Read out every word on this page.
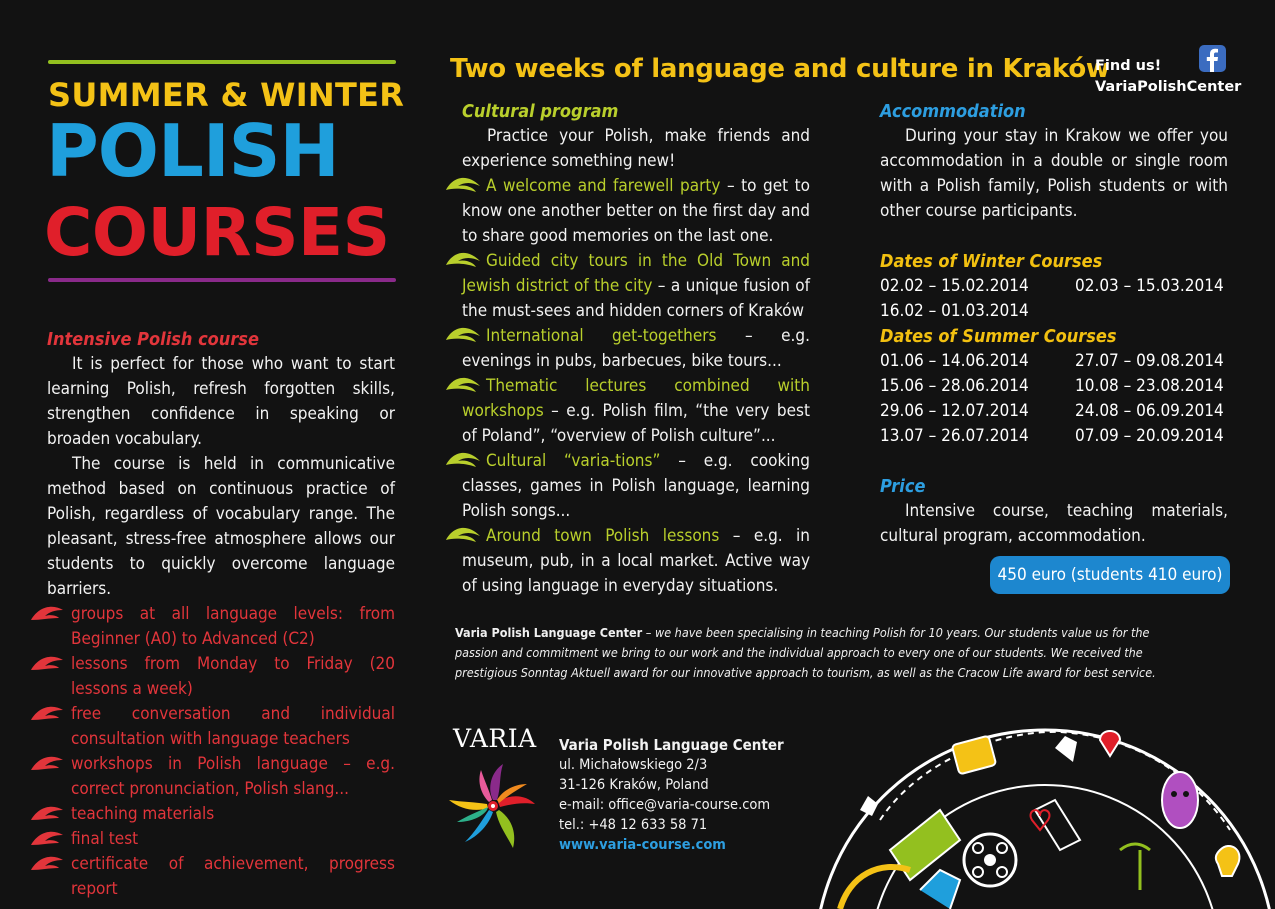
SUMMER & WINTER
POLISH
COURSES
Intensive Polish course

It is perfect for those who want to start learning Polish, refresh forgotten skills, strengthen confidence in speaking or broaden vocabulary.

The course is held in communicative method based on continuous practice of Polish, regardless of vocabulary range. The pleasant, stress-free atmosphere allows our students to quickly overcome language barriers.

groups at all language levels: from Beginner (A0) to Advanced (C2)
lessons from Monday to Friday (20 lessons a week)
free conversation and individual consultation with language teachers
workshops in Polish language – e.g. correct pronunciation, Polish slang...
teaching materials
final test
certificate of achievement, progress report
Two weeks of language and culture in Kraków
Find us!
VariaPolishCenter
Cultural program

Practice your Polish, make friends and experience something new!

A welcome and farewell party – to get to know one another better on the first day and to share good memories on the last one.
Guided city tours in the Old Town and Jewish district of the city – a unique fusion of the must-sees and hidden corners of Kraków
International get-togethers – e.g. evenings in pubs, barbecues, bike tours...
Thematic lectures combined with workshops – e.g. Polish film, “the very best of Poland”, “overview of Polish culture”...
Cultural “varia-tions” – e.g. cooking classes, games in Polish language, learning Polish songs...
Around town Polish lessons – e.g. in museum, pub, in a local market. Active way of using language in everyday situations.
Accommodation

During your stay in Krakow we offer you accommodation in a double or single room with a Polish family, Polish students or with other course participants.

Dates of Winter Courses
02.02 – 15.02.2014
16.02 – 01.03.2014
02.03 – 15.03.2014
Dates of Summer Courses
01.06 – 14.06.2014
15.06 – 28.06.2014
29.06 – 12.07.2014
13.07 – 26.07.2014
27.07 – 09.08.2014
10.08 – 23.08.2014
24.08 – 06.09.2014
07.09 – 20.09.2014
Price

Intensive course, teaching materials, cultural program, accommodation.

450 euro (students 410 euro)
Varia Polish Language Center – we have been specialising in teaching Polish for 10 years. Our students value us for the passion and commitment we bring to our work and the individual approach to every one of our students. We received the prestigious Sonntag Aktuell award for our innovative approach to tourism, as well as the Cracow Life award for best service.
VARIA Varia Polish Language Center
ul. Michałowskiego 2/3
31-126 Kraków, Poland
e-mail: office@varia-course.com
tel.: +48 12 633 58 71
www.varia-course.com
